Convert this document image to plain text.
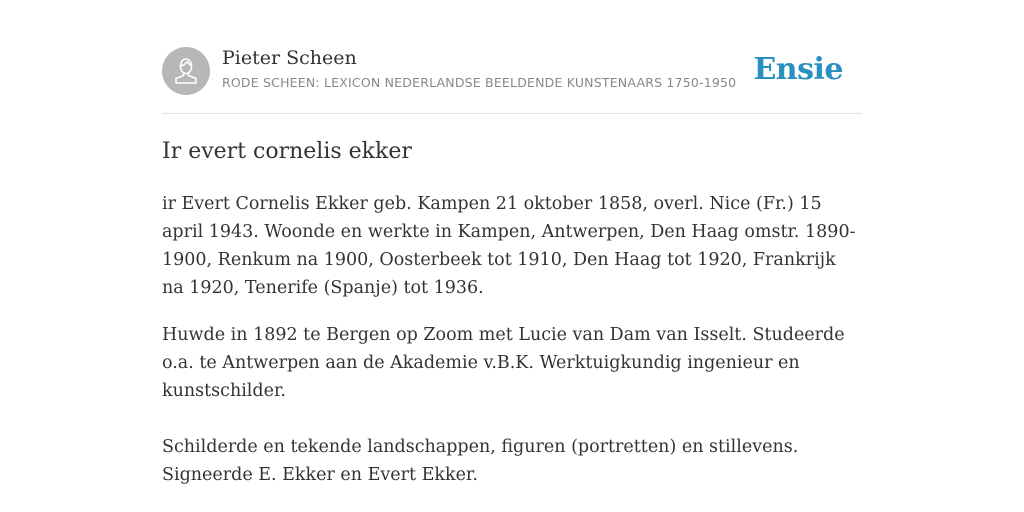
Pieter Scheen
RODE SCHEEN: LEXICON NEDERLANDSE BEELDENDE KUNSTENAARS 1750-1950 Ensie
Ir evert cornelis ekker

ir Evert Cornelis Ekker geb. Kampen 21 oktober 1858, overl. Nice (Fr.) 15 april 1943. Woonde en werkte in Kampen, Antwerpen, Den Haag omstr. 1890-1900, Renkum na 1900, Oosterbeek tot 1910, Den Haag tot 1920, Frankrijk na 1920, Tenerife (Spanje) tot 1936.

Huwde in 1892 te Bergen op Zoom met Lucie van Dam van Isselt. Studeerde o.a. te Antwerpen aan de Akademie v.B.K. Werktuigkundig ingenieur en kunstschilder.

Schilderde en tekende landschappen, figuren (portretten) en stillevens. Signeerde E. Ekker en Evert Ekker.
